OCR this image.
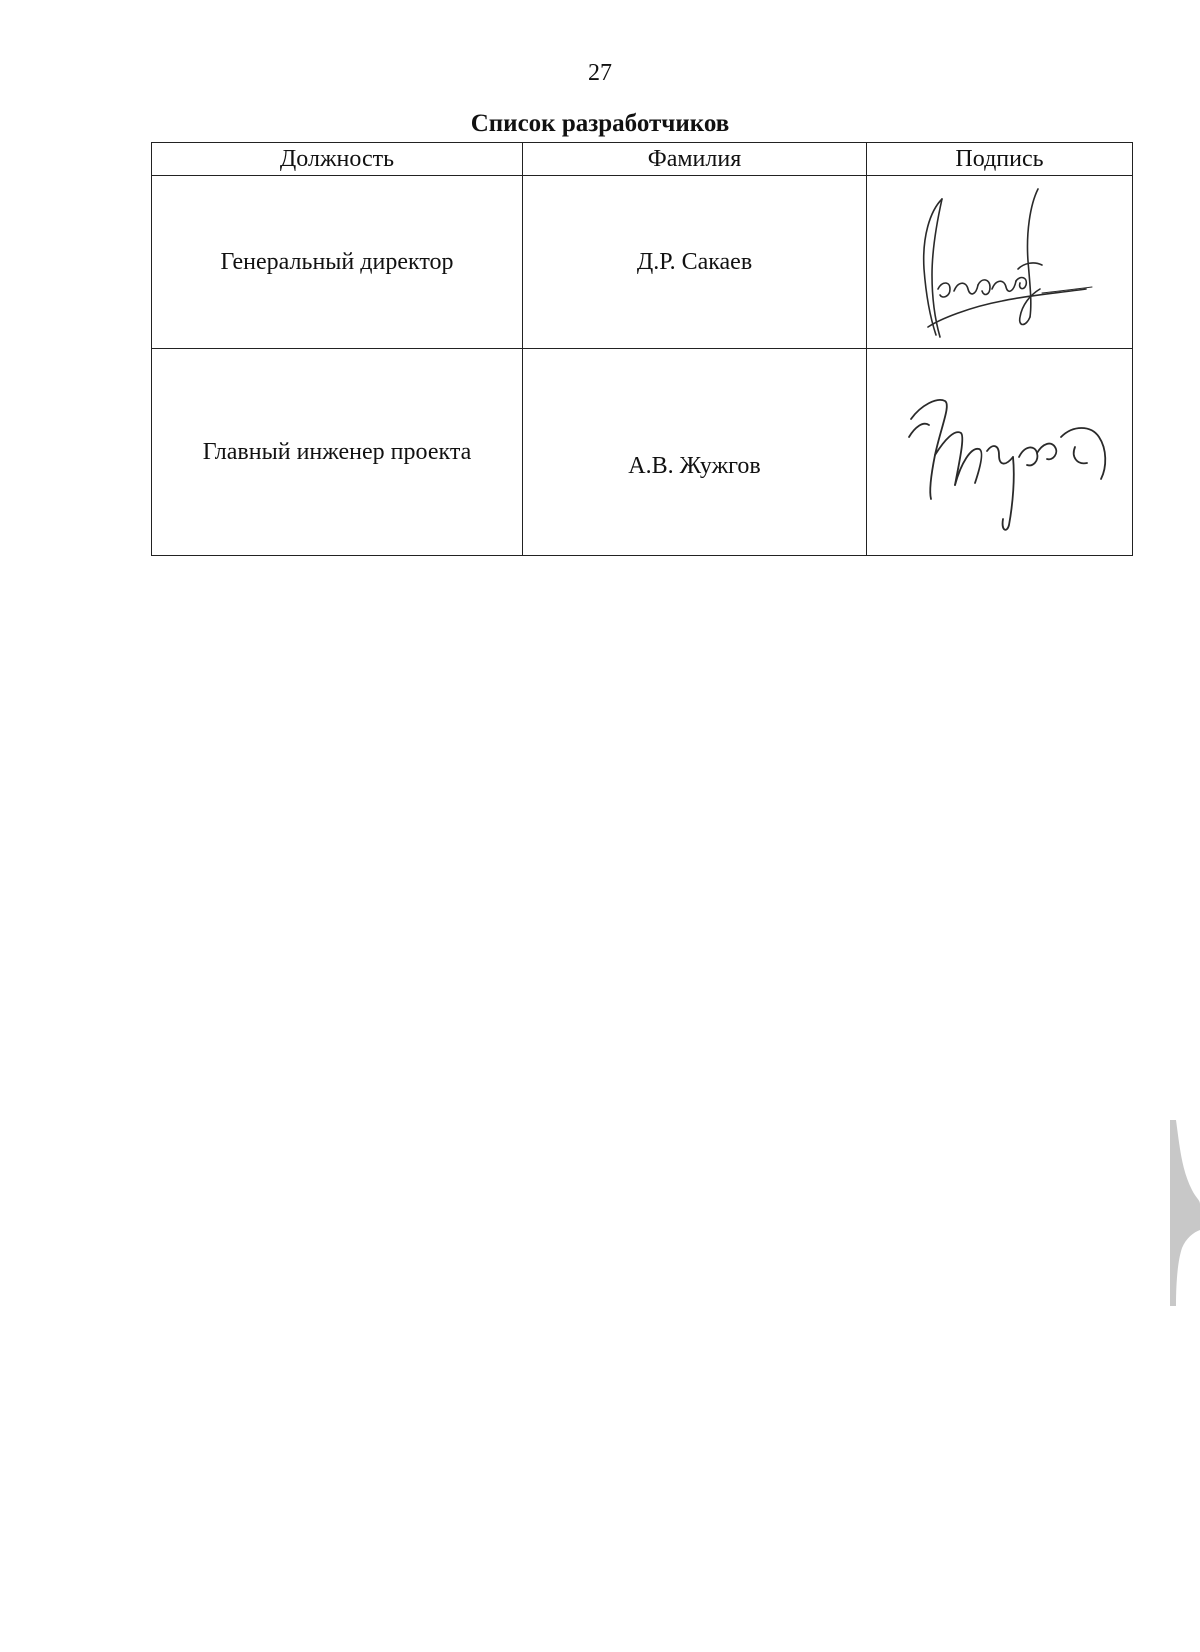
27
Список разработчиков
Должность	Фамилия	Подпись
Генеральный директор	Д.Р. Сакаев	

Главный инженер проекта	А.В. Жужгов	
